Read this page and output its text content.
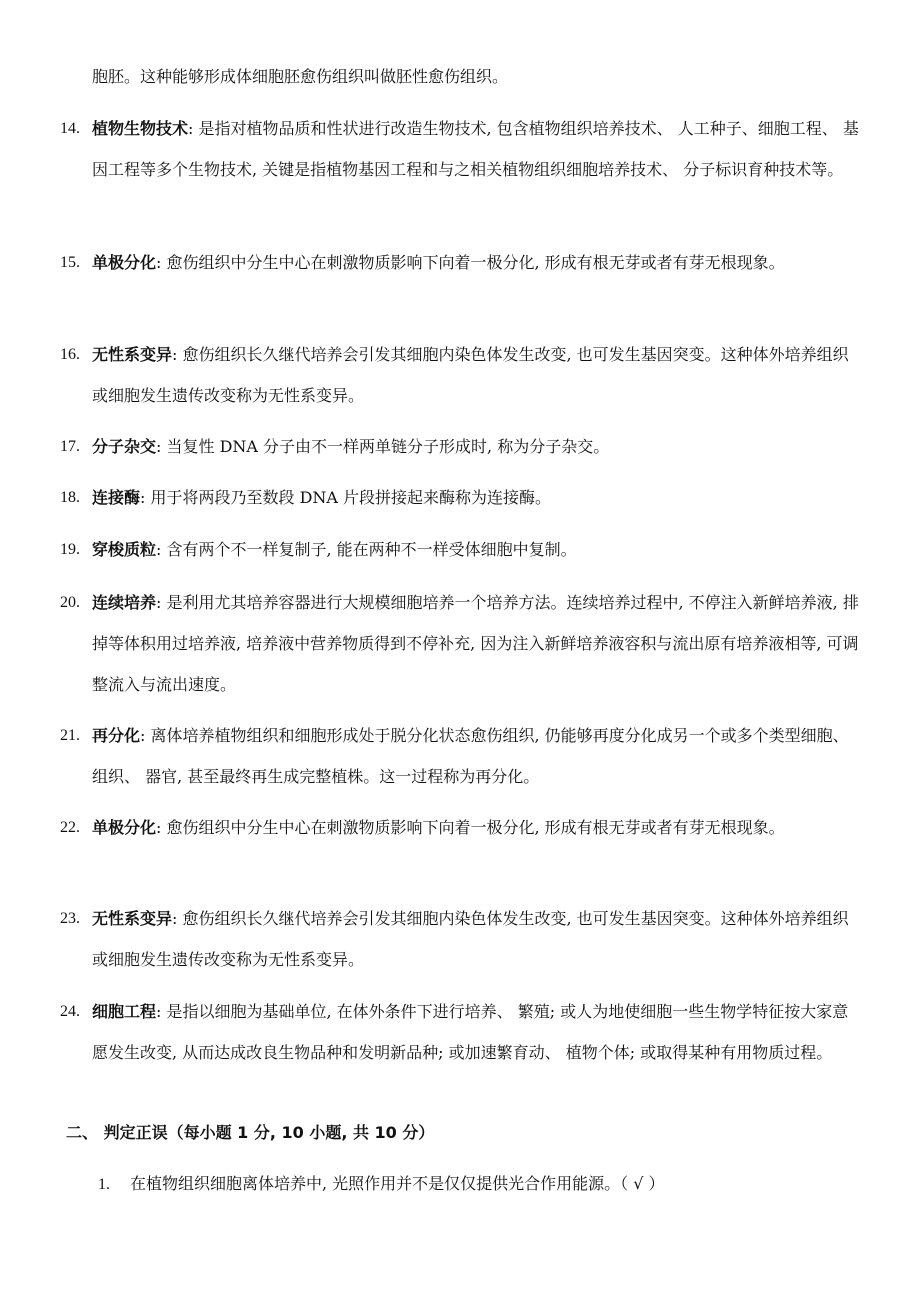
胞胚。这种能够形成体细胞胚愈伤组织叫做胚性愈伤组织。
14. 植物生物技术: 是指对植物品质和性状进行改造生物技术, 包含植物组织培养技术、 人工种子、细胞工程、 基因工程等多个生物技术, 关键是指植物基因工程和与之相关植物组织细胞培养技术、 分子标识育种技术等。
15. 单极分化: 愈伤组织中分生中心在刺激物质影响下向着一极分化, 形成有根无芽或者有芽无根现象。
16. 无性系变异: 愈伤组织长久继代培养会引发其细胞内染色体发生改变, 也可发生基因突变。这种体外培养组织或细胞发生遗传改变称为无性系变异。
17. 分子杂交: 当复性 DNA 分子由不一样两单链分子形成时, 称为分子杂交。
18. 连接酶: 用于将两段乃至数段 DNA 片段拼接起来酶称为连接酶。
19. 穿梭质粒: 含有两个不一样复制子, 能在两种不一样受体细胞中复制。
20. 连续培养: 是利用尤其培养容器进行大规模细胞培养一个培养方法。连续培养过程中, 不停注入新鲜培养液, 排掉等体积用过培养液, 培养液中营养物质得到不停补充, 因为注入新鲜培养液容积与流出原有培养液相等, 可调整流入与流出速度。
21. 再分化: 离体培养植物组织和细胞形成处于脱分化状态愈伤组织, 仍能够再度分化成另一个或多个类型细胞、 组织、 器官, 甚至最终再生成完整植株。这一过程称为再分化。
22. 单极分化: 愈伤组织中分生中心在刺激物质影响下向着一极分化, 形成有根无芽或者有芽无根现象。
23. 无性系变异: 愈伤组织长久继代培养会引发其细胞内染色体发生改变, 也可发生基因突变。这种体外培养组织或细胞发生遗传改变称为无性系变异。
24. 细胞工程: 是指以细胞为基础单位, 在体外条件下进行培养、 繁殖; 或人为地使细胞一些生物学特征按大家意愿发生改变, 从而达成改良生物品种和发明新品种; 或加速繁育动、 植物个体; 或取得某种有用物质过程。
二、 判定正误（每小题 1 分, 10 小题, 共 10 分）
1. 在植物组织细胞离体培养中, 光照作用并不是仅仅提供光合作用能源。（ √ ）
